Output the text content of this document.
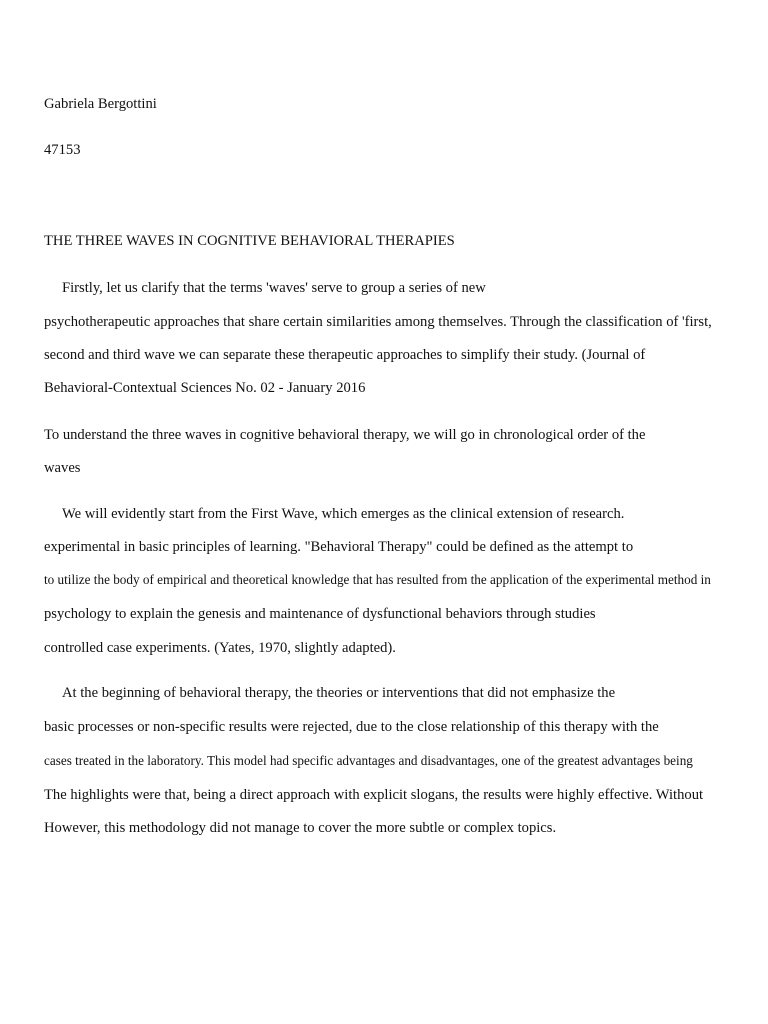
Gabriela Bergottini
47153
THE THREE WAVES IN COGNITIVE BEHAVIORAL THERAPIES
Firstly, let us clarify that the terms 'waves' serve to group a series of new
psychotherapeutic approaches that share certain similarities among themselves. Through the classification of 'first,
second and third wave we can separate these therapeutic approaches to simplify their study. (Journal of
Behavioral-Contextual Sciences No. 02 - January 2016
To understand the three waves in cognitive behavioral therapy, we will go in chronological order of the
waves
We will evidently start from the First Wave, which emerges as the clinical extension of research.
experimental in basic principles of learning. "Behavioral Therapy" could be defined as the attempt to
to utilize the body of empirical and theoretical knowledge that has resulted from the application of the experimental method in
psychology to explain the genesis and maintenance of dysfunctional behaviors through studies
controlled case experiments. (Yates, 1970, slightly adapted).
At the beginning of behavioral therapy, the theories or interventions that did not emphasize the
basic processes or non-specific results were rejected, due to the close relationship of this therapy with the
cases treated in the laboratory. This model had specific advantages and disadvantages, one of the greatest advantages being
The highlights were that, being a direct approach with explicit slogans, the results were highly effective. Without
However, this methodology did not manage to cover the more subtle or complex topics.
